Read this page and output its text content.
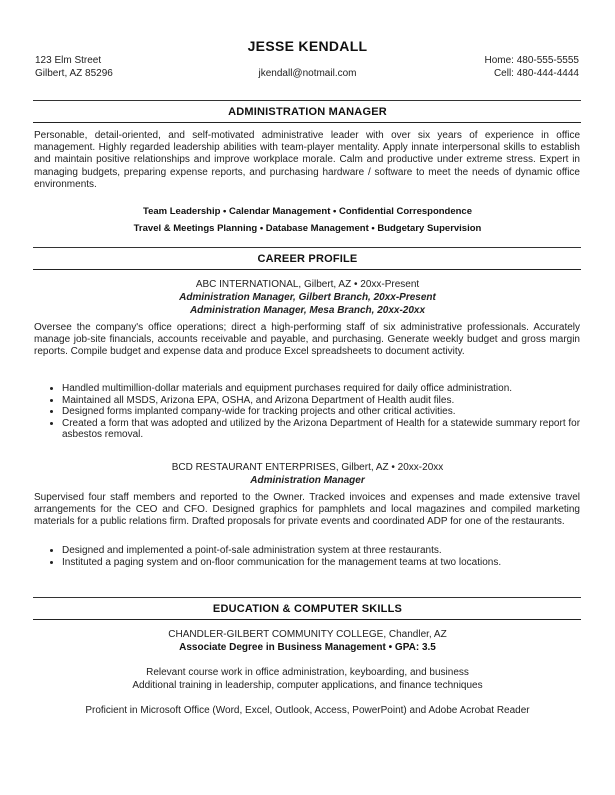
JESSE KENDALL
123 Elm Street
Gilbert, AZ 85296	jkendall@notmail.com
Home: 480-555-5555
Cell: 480-444-4444
ADMINISTRATION MANAGER
Personable, detail-oriented, and self-motivated administrative leader with over six years of experience in office management. Highly regarded leadership abilities with team-player mentality. Apply innate interpersonal skills to establish and maintain positive relationships and improve workplace morale. Calm and productive under extreme stress. Expert in managing budgets, preparing expense reports, and purchasing hardware / software to meet the needs of dynamic office environments.
Team Leadership • Calendar Management • Confidential Correspondence
Travel & Meetings Planning • Database Management • Budgetary Supervision
CAREER PROFILE
ABC INTERNATIONAL, Gilbert, AZ • 20xx-Present
Administration Manager, Gilbert Branch, 20xx-Present
Administration Manager, Mesa Branch, 20xx-20xx
Oversee the company's office operations; direct a high-performing staff of six administrative professionals. Accurately manage job-site financials, accounts receivable and payable, and purchasing. Generate weekly budget and gross margin reports. Compile budget and expense data and produce Excel spreadsheets to document activity.
• Handled multimillion-dollar materials and equipment purchases required for daily office administration.
• Maintained all MSDS, Arizona EPA, OSHA, and Arizona Department of Health audit files.
• Designed forms implanted company-wide for tracking projects and other critical activities.
• Created a form that was adopted and utilized by the Arizona Department of Health for a statewide summary report for asbestos removal.
BCD RESTAURANT ENTERPRISES, Gilbert, AZ • 20xx-20xx
Administration Manager
Supervised four staff members and reported to the Owner. Tracked invoices and expenses and made extensive travel arrangements for the CEO and CFO. Designed graphics for pamphlets and local magazines and compiled marketing materials for a public relations firm. Drafted proposals for private events and coordinated ADP for one of the restaurants.
• Designed and implemented a point-of-sale administration system at three restaurants.
• Instituted a paging system and on-floor communication for the management teams at two locations.
EDUCATION & COMPUTER SKILLS
CHANDLER-GILBERT COMMUNITY COLLEGE, Chandler, AZ
Associate Degree in Business Management • GPA: 3.5
Relevant course work in office administration, keyboarding, and business
Additional training in leadership, computer applications, and finance techniques
Proficient in Microsoft Office (Word, Excel, Outlook, Access, PowerPoint) and Adobe Acrobat Reader
